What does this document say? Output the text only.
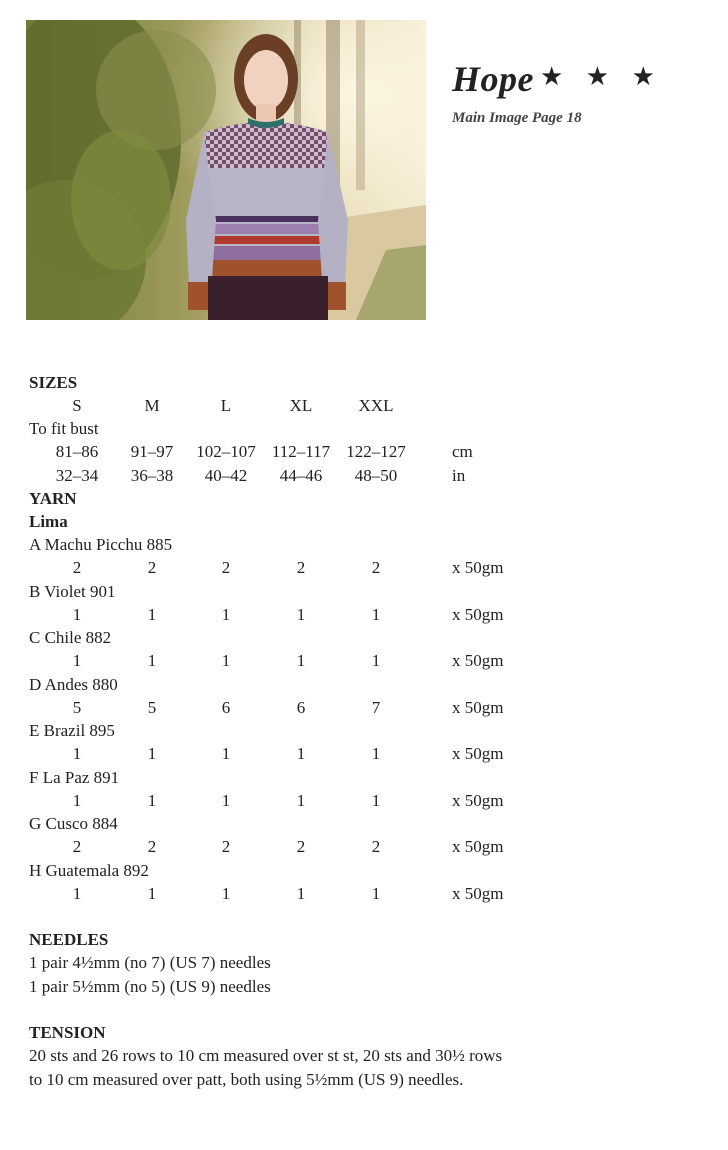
Hope ★ ★ ★
Main Image Page 18
SIZES
S	M	L	XL	XXL
To fit bust
81–86	91–97	102–107 112–117 122–127	cm
32–34	36–38	40–42	44–46	48–50	in
YARN
Lima
A Machu Picchu 885
2	2	2	2	2	x 50gm
B Violet 901
1	1	1	1	1	x 50gm
C Chile 882
1	1	1	1	1	x 50gm
D Andes 880
5	5	6	6	7	x 50gm
E Brazil 895
1	1	1	1	1	x 50gm
F La Paz 891
1	1	1	1	1	x 50gm
G Cusco 884
2	2	2	2	2	x 50gm
H Guatemala 892
1	1	1	1	1	x 50gm
NEEDLES
1 pair 4½mm (no 7) (US 7) needles
1 pair 5½mm (no 5) (US 9) needles
TENSION
20 sts and 26 rows to 10 cm measured over st st, 20 sts and 30½ rows
to 10 cm measured over patt, both using 5½mm (US 9) needles.
